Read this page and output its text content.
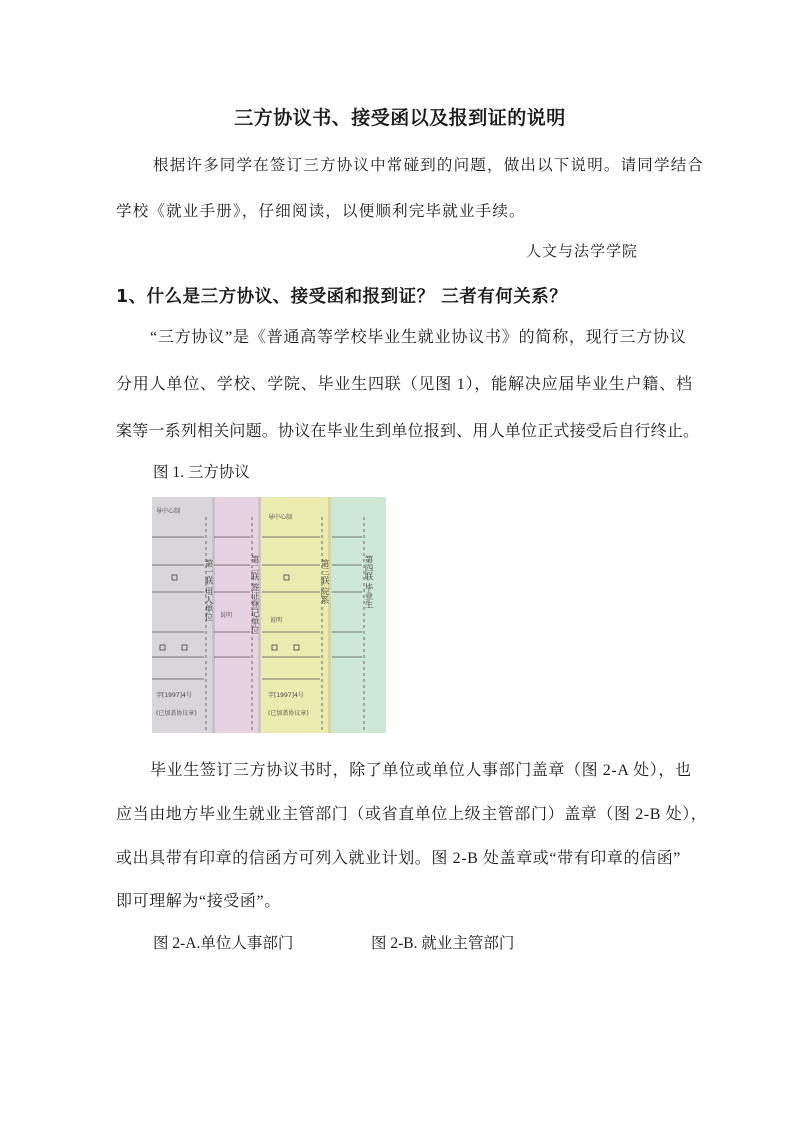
三方协议书、接受函以及报到证的说明
根据许多同学在签订三方协议中常碰到的问题，做出以下说明。请同学结合
学校《就业手册》，仔细阅读，以便顺利完毕就业手续。
人文与法学学院
1、什么是三方协议、接受函和报到证？ 三者有何关系？
“三方协议”是《普通高等学校毕业生就业协议书》的简称，现行三方协议
分用人单位、学校、学院、毕业生四联（见图 1），能解决应届毕业生户籍、档
案等一系列相关问题。协议在毕业生到单位报到、用人单位正式接受后自行终止。
图 1. 三方协议
第一联 用人单位	第二联 签证登记单位	第三联 院系	第四联 毕业生
导中心制
导中心制
说明
说明
字[1997]4号	字[1997]4号
(已加盖协议章)	(已加盖协议章)
毕业生签订三方协议书时，除了单位或单位人事部门盖章（图 2-A 处），也
应当由地方毕业生就业主管部门（或省直单位上级主管部门）盖章（图 2-B 处），
或出具带有印章的信函方可列入就业计划。图 2-B 处盖章或“带有印章的信函”
即可理解为“接受函”。
图 2-A.单位人事部门	图 2-B. 就业主管部门
